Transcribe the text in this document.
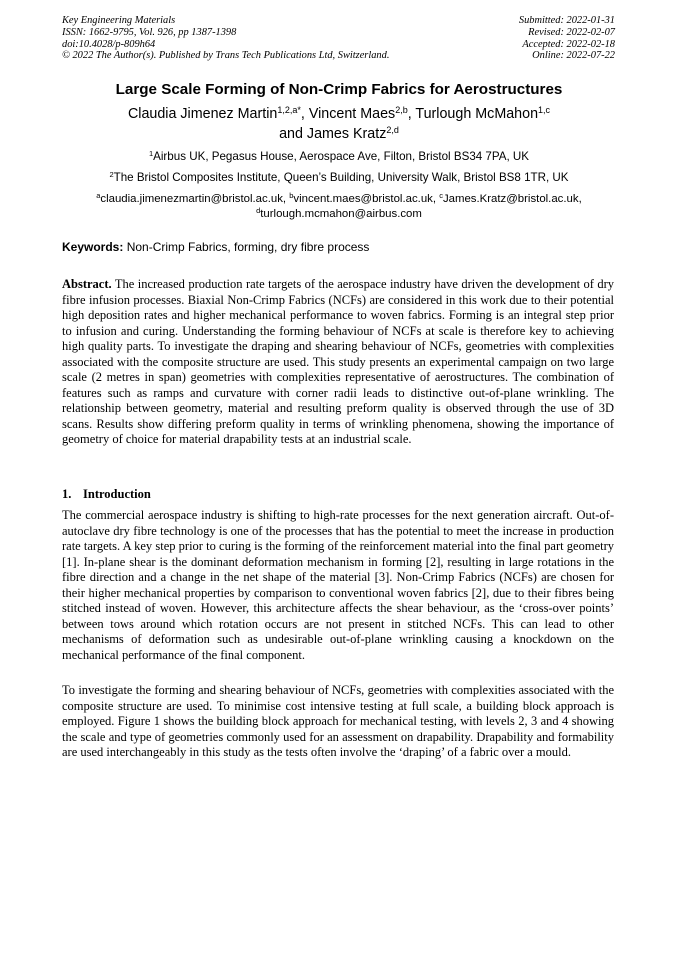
Key Engineering Materials
ISSN: 1662-9795, Vol. 926, pp 1387-1398
doi:10.4028/p-809h64
© 2022 The Author(s). Published by Trans Tech Publications Ltd, Switzerland.
Submitted: 2022-01-31
Revised: 2022-02-07
Accepted: 2022-02-18
Online: 2022-07-22
Large Scale Forming of Non-Crimp Fabrics for Aerostructures
Claudia Jimenez Martin$^{1,2,a*}$, Vincent Maes$^{2,b}$, Turlough McMahon$^{1,c}$
and James Kratz$^{2,d}$
$^1$Airbus UK, Pegasus House, Aerospace Ave, Filton, Bristol BS34 7PA, UK
$^2$The Bristol Composites Institute, Queen’s Building, University Walk, Bristol BS8 1TR, UK
$^a$claudia.jimenezmartin@bristol.ac.uk, $^b$vincent.maes@bristol.ac.uk, $^c$James.Kratz@bristol.ac.uk,
$^d$turlough.mcmahon@airbus.com
Keywords: Non-Crimp Fabrics, forming, dry fibre process

Abstract. The increased production rate targets of the aerospace industry have driven the development of dry fibre infusion processes. Biaxial Non-Crimp Fabrics (NCFs) are considered in this work due to their potential high deposition rates and higher mechanical performance to woven fabrics. Forming is an integral step prior to infusion and curing. Understanding the forming behaviour of NCFs at scale is therefore key to achieving high quality parts. To investigate the draping and shearing behaviour of NCFs, geometries with complexities associated with the composite structure are used. This study presents an experimental campaign on two large scale (2 metres in span) geometries with complexities representative of aerostructures. The combination of features such as ramps and curvature with corner radii leads to distinctive out-of-plane wrinkling. The relationship between geometry, material and resulting preform quality is observed through the use of 3D scans. Results show differing preform quality in terms of wrinkling phenomena, showing the importance of geometry of choice for material drapability tests at an industrial scale.

1. Introduction

The commercial aerospace industry is shifting to high-rate processes for the next generation aircraft. Out-of-autoclave dry fibre technology is one of the processes that has the potential to meet the increase in production rate targets. A key step prior to curing is the forming of the reinforcement material into the final part geometry [1]. In-plane shear is the dominant deformation mechanism in forming [2], resulting in large rotations in the fibre direction and a change in the net shape of the material [3]. Non-Crimp Fabrics (NCFs) are chosen for their higher mechanical properties by comparison to conventional woven fabrics [2], due to their fibres being stitched instead of woven. However, this architecture affects the shear behaviour, as the ‘cross-over points’ between tows around which rotation occurs are not present in stitched NCFs. This can lead to other mechanisms of deformation such as undesirable out-of-plane wrinkling causing a knockdown on the mechanical performance of the final component.

To investigate the forming and shearing behaviour of NCFs, geometries with complexities associated with the composite structure are used. To minimise cost intensive testing at full scale, a building block approach is employed. Figure 1 shows the building block approach for mechanical testing, with levels 2, 3 and 4 showing the scale and type of geometries commonly used for an assessment on drapability. Drapability and formability are used interchangeably in this study as the tests often involve the ‘draping’ of a fabric over a mould.
